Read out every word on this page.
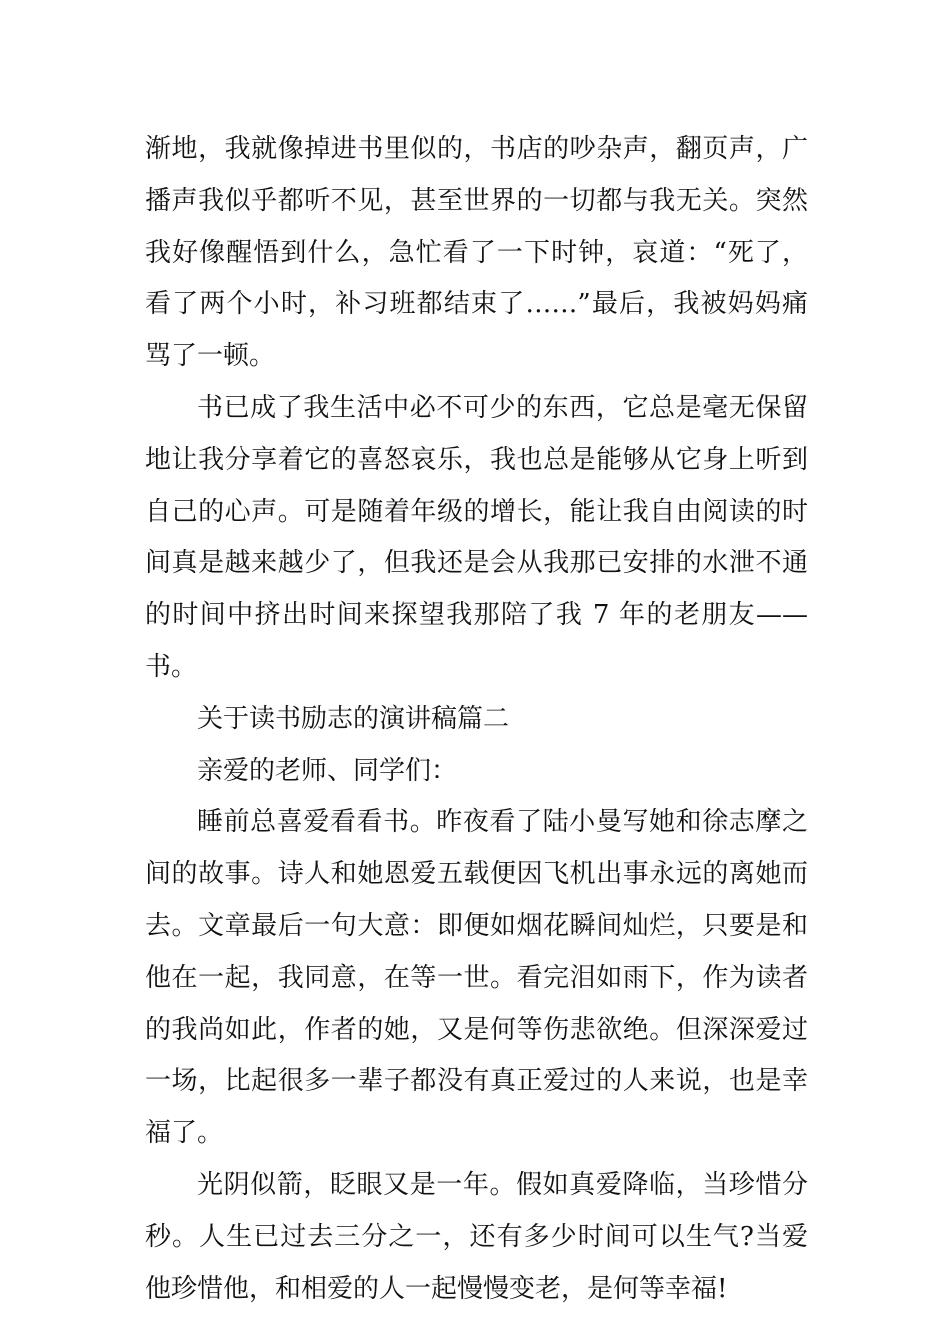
渐地，我就像掉进书里似的，书店的吵杂声，翻页声，广播声我似乎都听不见，甚至世界的一切都与我无关。突然我好像醒悟到什么，急忙看了一下时钟，哀道：“死了，看了两个小时，补习班都结束了……”最后，我被妈妈痛骂了一顿。

书已成了我生活中必不可少的东西，它总是毫无保留地让我分享着它的喜怒哀乐，我也总是能够从它身上听到自己的心声。可是随着年级的增长，能让我自由阅读的时间真是越来越少了，但我还是会从我那已安排的水泄不通的时间中挤出时间来探望我那陪了我 7 年的老朋友——书。

关于读书励志的演讲稿篇二

亲爱的老师、同学们：

睡前总喜爱看看书。昨夜看了陆小曼写她和徐志摩之间的故事。诗人和她恩爱五载便因飞机出事永远的离她而去。文章最后一句大意：即便如烟花瞬间灿烂，只要是和他在一起，我同意，在等一世。看完泪如雨下，作为读者的我尚如此，作者的她，又是何等伤悲欲绝。但深深爱过一场，比起很多一辈子都没有真正爱过的人来说，也是幸福了。

光阴似箭，眨眼又是一年。假如真爱降临，当珍惜分秒。人生已过去三分之一，还有多少时间可以生气?当爱他珍惜他，和相爱的人一起慢慢变老，是何等幸福!
